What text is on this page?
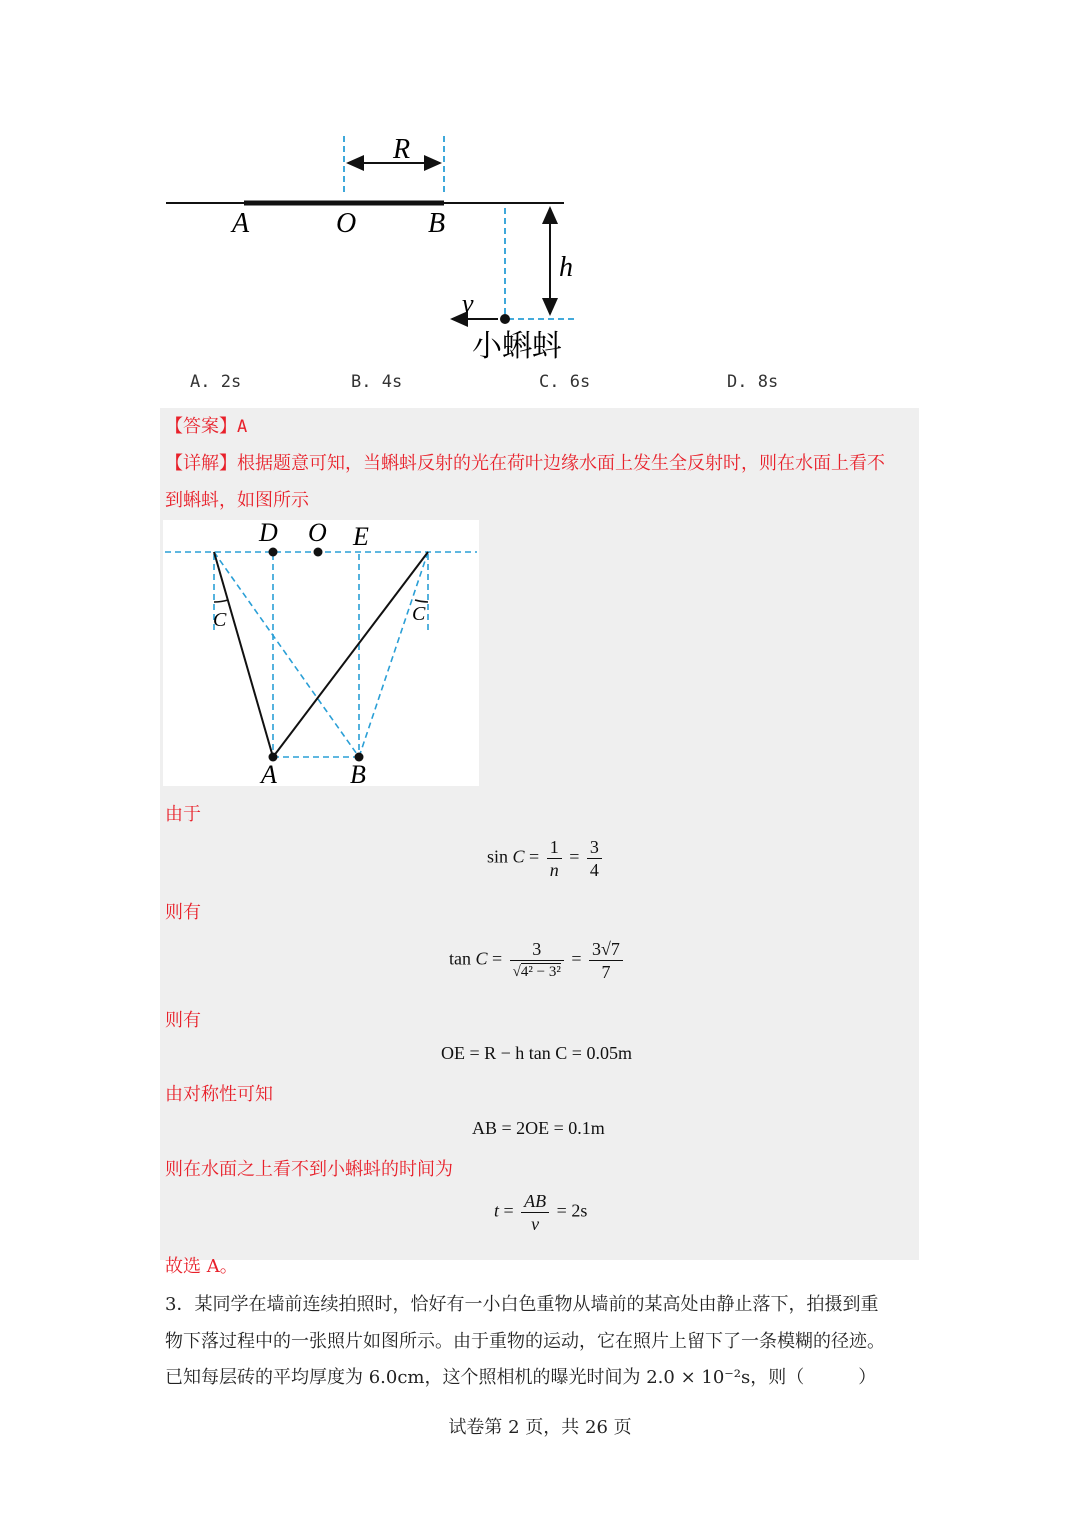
R
A	O	B
h
v
小蝌蚪
A. 2s	B. 4s	C. 6s	D. 8s
【答案】A
【详解】根据题意可知，当蝌蚪反射的光在荷叶边缘水面上发生全反射时，则在水面上看不
到蝌蚪，如图所示
D O E
C	C
A	B
由于
$\sin C = \frac{1}{n} = \frac{3}{4}$
则有
$\tan C = \frac{3}{\text{√4² − 3²}} = \frac{3√7}{7}$
则有
OE = R − h tan C = 0.05m
由对称性可知
AB = 2OE = 0.1m
则在水面之上看不到小蝌蚪的时间为
$t = \frac{AB}{v} = 2s$
故选 A。
3．某同学在墙前连续拍照时，恰好有一小白色重物从墙前的某高处由静止落下，拍摄到重
物下落过程中的一张照片如图所示。由于重物的运动，它在照片上留下了一条模糊的径迹。
已知每层砖的平均厚度为 6.0cm，这个照相机的曝光时间为 2.0 × 10⁻²s，则（　　　）
试卷第 2 页，共 26 页
